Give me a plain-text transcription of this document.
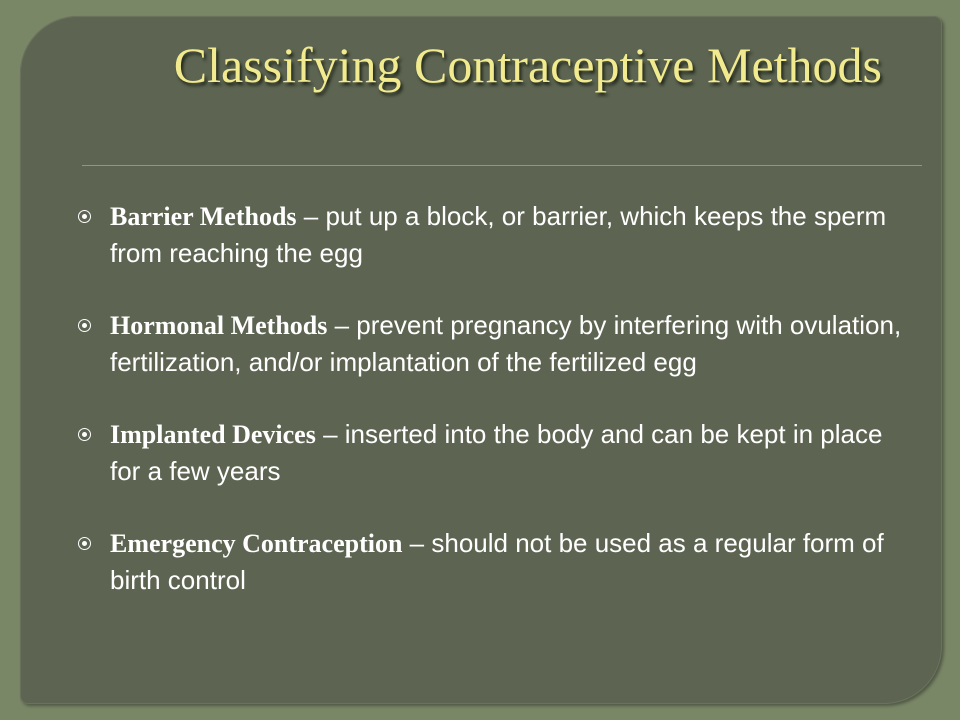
Classifying Contraceptive Methods
Barrier Methods – put up a block, or barrier, which keeps the sperm from reaching the egg
Hormonal Methods – prevent pregnancy by interfering with ovulation, fertilization, and/or implantation of the fertilized egg
Implanted Devices – inserted into the body and can be kept in place for a few years
Emergency Contraception – should not be used as a regular form of birth control
